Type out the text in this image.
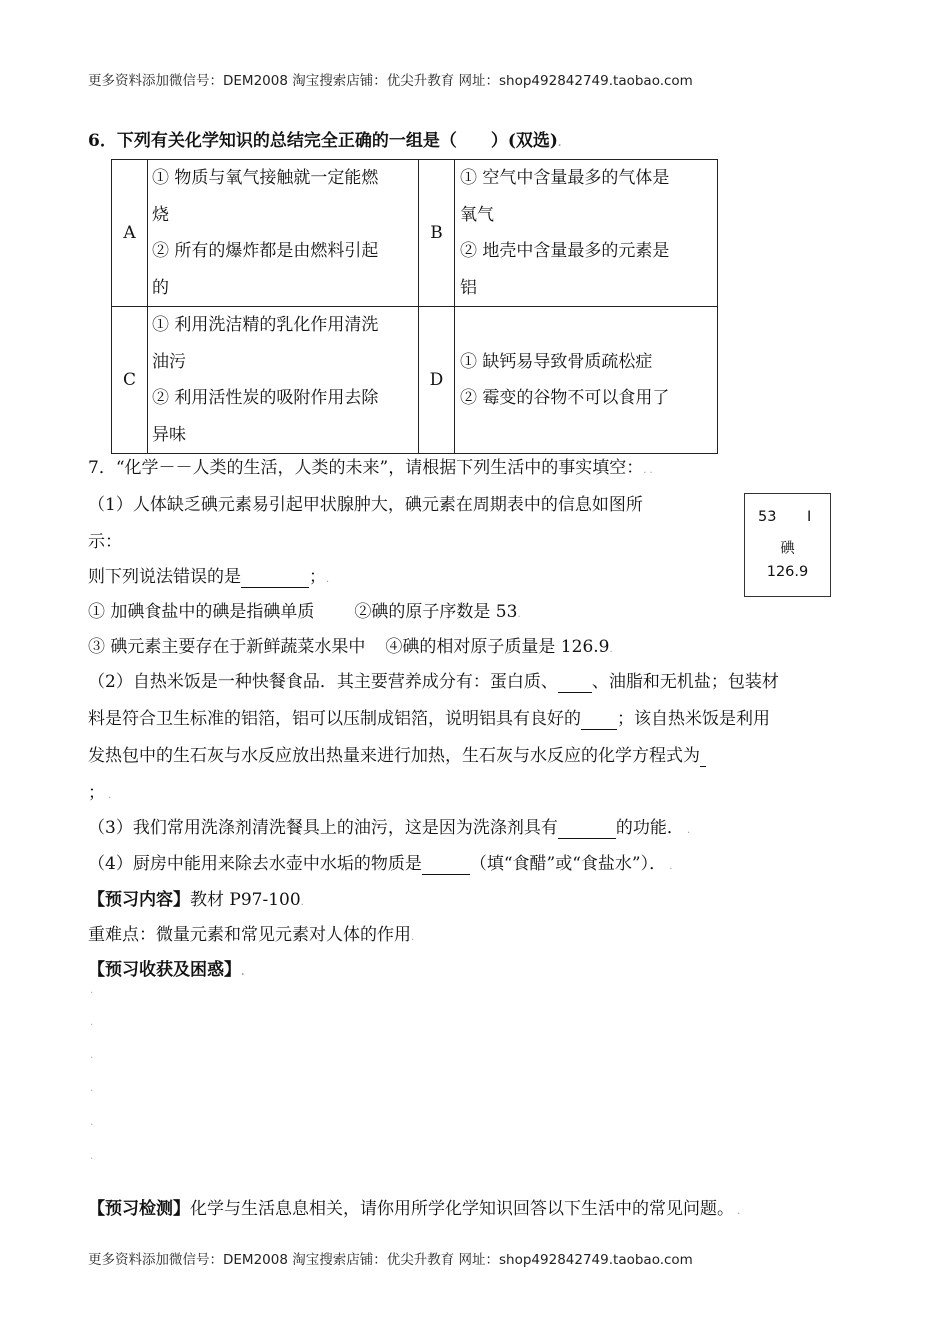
更多资料添加微信号：DEM2008 淘宝搜索店铺：优尖升教育 网址：shop492842749.taobao.com
6．下列有关化学知识的总结完全正确的一组是（　　）(双选).
A	① 物质与氧气接触就一定能燃
烧
② 所有的爆炸都是由燃料引起
的	B	① 空气中含量最多的气体是
氧气
② 地壳中含量最多的元素是
铝
C	① 利用洗洁精的乳化作用清洗
油污
② 利用活性炭的吸附作用去除
异味	D	① 缺钙易导致骨质疏松症
② 霉变的谷物不可以食用了
7．“化学－－人类的生活，人类的未来”，请根据下列生活中的事实填空：. .
（1）人体缺乏碘元素易引起甲状腺肿大，碘元素在周期表中的信息如图所
示：
则下列说法错误的是	；.
53 I
碘
126.9
① 加碘食盐中的碘是指碘单质 ②碘的原子序数是 53.
③ 碘元素主要存在于新鲜蔬菜水果中 ④碘的相对原子质量是 126.9.
（2）自热米饭是一种快餐食品．其主要营养成分有：蛋白质、 、油脂和无机盐；包装材
料是符合卫生标准的铝箔，铝可以压制成铝箔，说明铝具有良好的 ；该自热米饭是利用
发热包中的生石灰与水反应放出热量来进行加热，生石灰与水反应的化学方程式为
； .
（3）我们常用洗涤剂清洗餐具上的油污，这是因为洗涤剂具有	的功能． .
（4）厨房中能用来除去水壶中水垢的物质是	（填“食醋”或“食盐水”）． .
【预习内容】教材 P97-100.
重难点：微量元素和常见元素对人体的作用.
【预习收获及困惑】.
.
.
.
.
.
.
【预习检测】化学与生活息息相关，请你用所学化学知识回答以下生活中的常见问题。 .
更多资料添加微信号：DEM2008 淘宝搜索店铺：优尖升教育 网址：shop492842749.taobao.com
